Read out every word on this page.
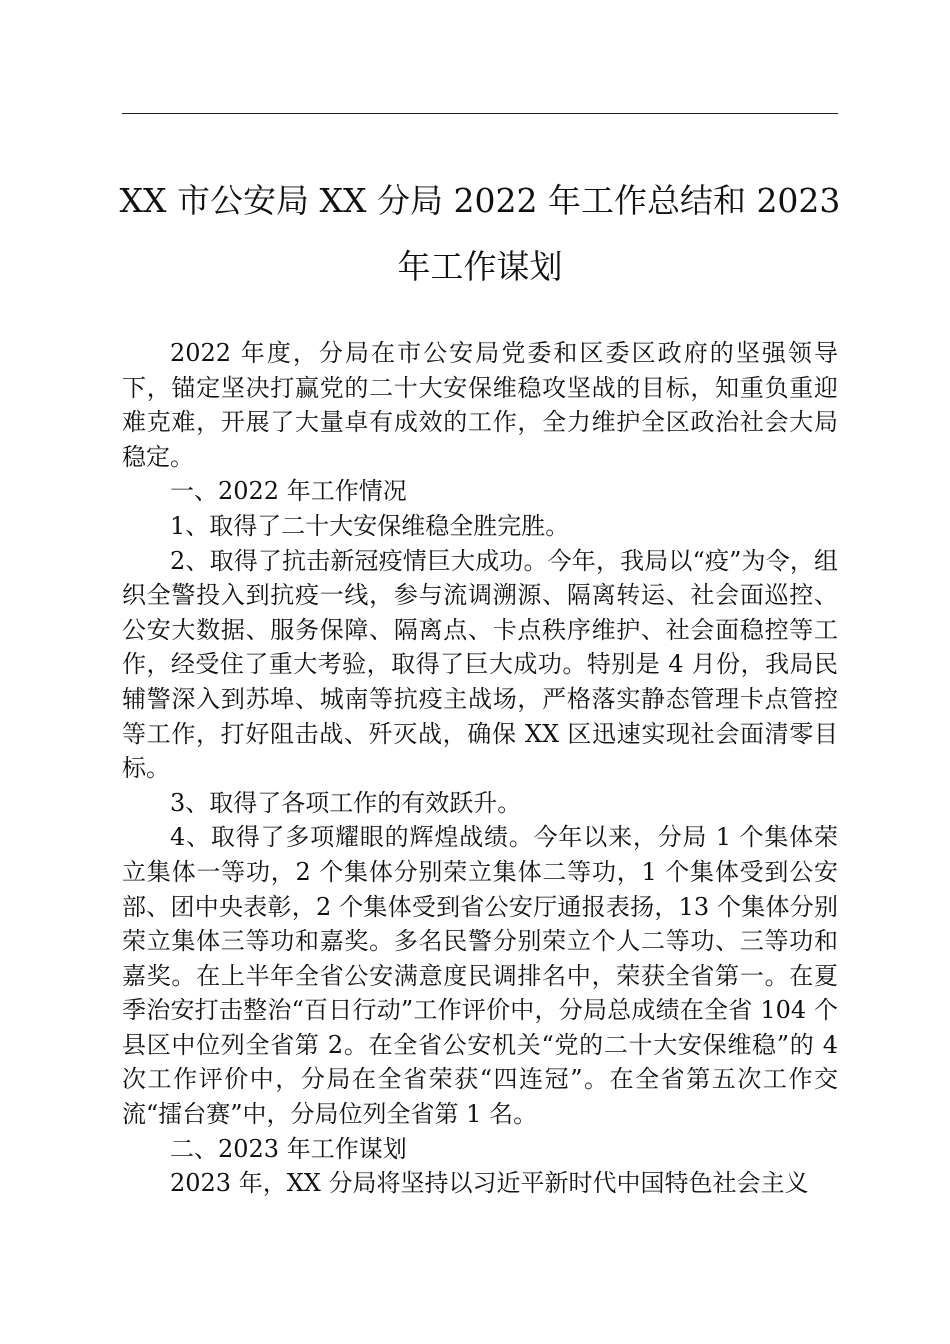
XX 市公安局 XX 分局 2022 年工作总结和 2023
年工作谋划

2022 年度，分局在市公安局党委和区委区政府的坚强领导下，锚定坚决打赢党的二十大安保维稳攻坚战的目标，知重负重迎难克难，开展了大量卓有成效的工作，全力维护全区政治社会大局稳定。

一、2022 年工作情况

1、取得了二十大安保维稳全胜完胜。

2、取得了抗击新冠疫情巨大成功。今年，我局以“疫”为令，组织全警投入到抗疫一线，参与流调溯源、隔离转运、社会面巡控、公安大数据、服务保障、隔离点、卡点秩序维护、社会面稳控等工作，经受住了重大考验，取得了巨大成功。特别是 4 月份，我局民辅警深入到苏埠、城南等抗疫主战场，严格落实静态管理卡点管控等工作，打好阻击战、歼灭战，确保 XX 区迅速实现社会面清零目标。

3、取得了各项工作的有效跃升。

4、取得了多项耀眼的辉煌战绩。今年以来，分局 1 个集体荣立集体一等功，2 个集体分别荣立集体二等功，1 个集体受到公安部、团中央表彰，2 个集体受到省公安厅通报表扬，13 个集体分别荣立集体三等功和嘉奖。多名民警分别荣立个人二等功、三等功和嘉奖。在上半年全省公安满意度民调排名中，荣获全省第一。在夏季治安打击整治“百日行动”工作评价中，分局总成绩在全省 104 个县区中位列全省第 2。在全省公安机关“党的二十大安保维稳”的 4 次工作评价中，分局在全省荣获“四连冠”。在全省第五次工作交流“擂台赛”中，分局位列全省第 1 名。

二、2023 年工作谋划

2023 年，XX 分局将坚持以习近平新时代中国特色社会主义
